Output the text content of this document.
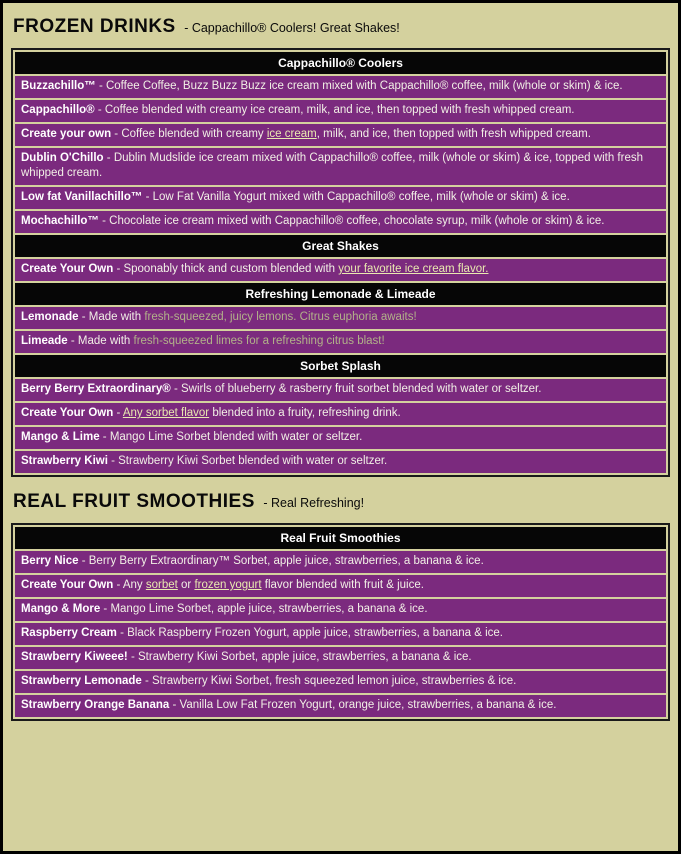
FROZEN DRINKS - Cappachillo® Coolers! Great Shakes!
Cappachillo® Coolers
Buzzachillo™ - Coffee Coffee, Buzz Buzz Buzz ice cream mixed with Cappachillo® coffee, milk (whole or skim) & ice.
Cappachillo® - Coffee blended with creamy ice cream, milk, and ice, then topped with fresh whipped cream.
Create your own - Coffee blended with creamy ice cream, milk, and ice, then topped with fresh whipped cream.
Dublin O'Chillo - Dublin Mudslide ice cream mixed with Cappachillo® coffee, milk (whole or skim) & ice, topped with fresh whipped cream.
Low fat Vanillachillo™ - Low Fat Vanilla Yogurt mixed with Cappachillo® coffee, milk (whole or skim) & ice.
Mochachillo™ - Chocolate ice cream mixed with Cappachillo® coffee, chocolate syrup, milk (whole or skim) & ice.
Great Shakes
Create Your Own - Spoonably thick and custom blended with your favorite ice cream flavor.
Refreshing Lemonade & Limeade
Lemonade - Made with fresh-squeezed, juicy lemons. Citrus euphoria awaits!
Limeade - Made with fresh-squeezed limes for a refreshing citrus blast!
Sorbet Splash
Berry Berry Extraordinary® - Swirls of blueberry & rasberry fruit sorbet blended with water or seltzer.
Create Your Own - Any sorbet flavor blended into a fruity, refreshing drink.
Mango & Lime - Mango Lime Sorbet blended with water or seltzer.
Strawberry Kiwi - Strawberry Kiwi Sorbet blended with water or seltzer.
REAL FRUIT SMOOTHIES - Real Refreshing!
Real Fruit Smoothies
Berry Nice - Berry Berry Extraordinary™ Sorbet, apple juice, strawberries, a banana & ice.
Create Your Own - Any sorbet or frozen yogurt flavor blended with fruit & juice.
Mango & More - Mango Lime Sorbet, apple juice, strawberries, a banana & ice.
Raspberry Cream - Black Raspberry Frozen Yogurt, apple juice, strawberries, a banana & ice.
Strawberry Kiweee! - Strawberry Kiwi Sorbet, apple juice, strawberries, a banana & ice.
Strawberry Lemonade - Strawberry Kiwi Sorbet, fresh squeezed lemon juice, strawberries & ice.
Strawberry Orange Banana - Vanilla Low Fat Frozen Yogurt, orange juice, strawberries, a banana & ice.
